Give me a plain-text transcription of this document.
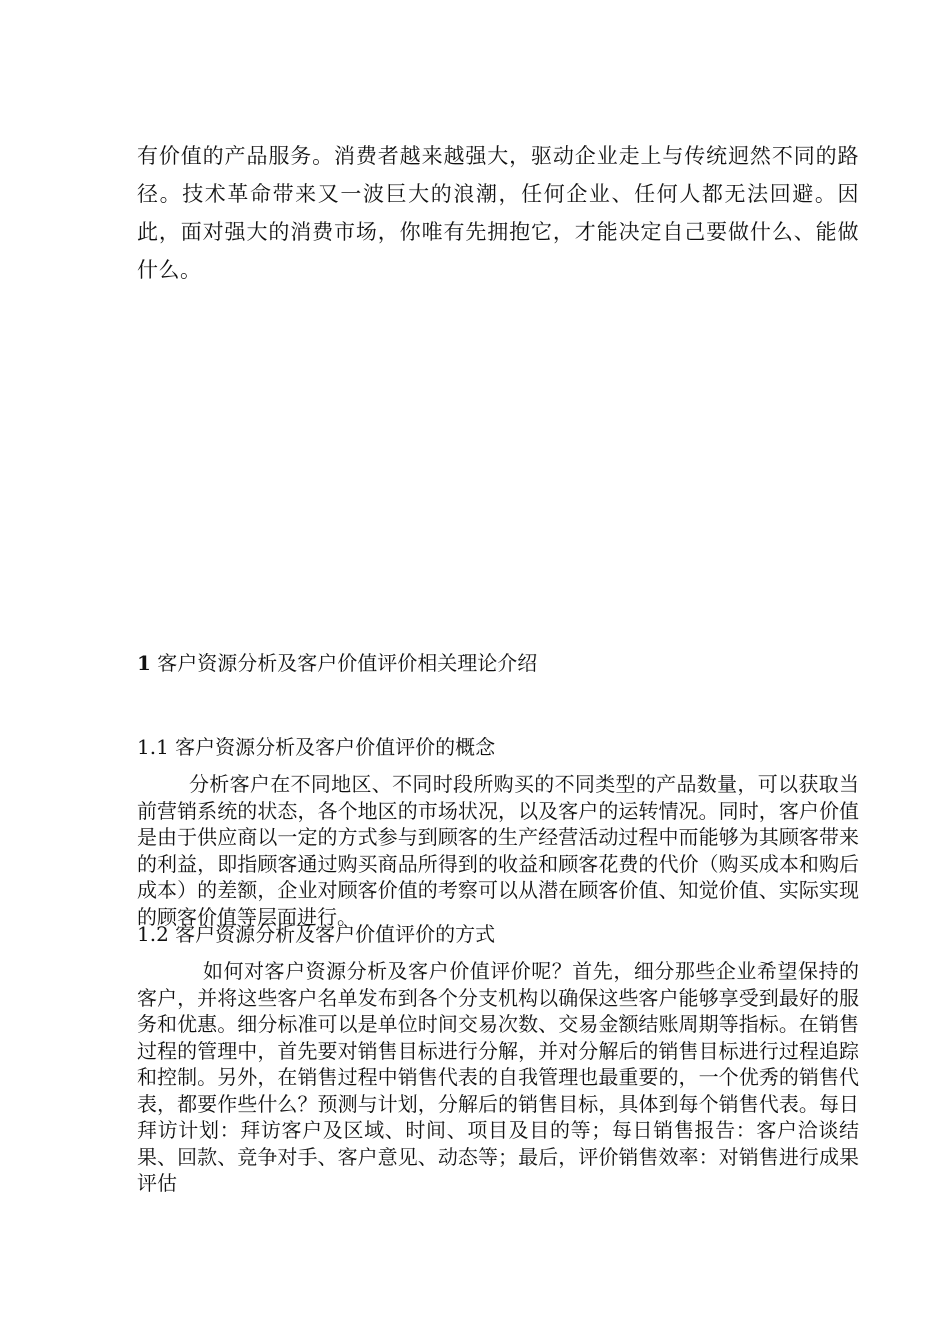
有价值的产品服务。消费者越来越强大，驱动企业走上与传统迥然不同的路径。技术革命带来又一波巨大的浪潮，任何企业、任何人都无法回避。因此，面对强大的消费市场，你唯有先拥抱它，才能决定自己要做什么、能做什么。

1 客户资源分析及客户价值评价相关理论介绍
1.1 客户资源分析及客户价值评价的概念

分析客户在不同地区、不同时段所购买的不同类型的产品数量，可以获取当前营销系统的状态，各个地区的市场状况，以及客户的运转情况。同时，客户价值是由于供应商以一定的方式参与到顾客的生产经营活动过程中而能够为其顾客带来的利益，即指顾客通过购买商品所得到的收益和顾客花费的代价（购买成本和购后成本）的差额，企业对顾客价值的考察可以从潜在顾客价值、知觉价值、实际实现的顾客价值等层面进行。

1.2 客户资源分析及客户价值评价的方式

如何对客户资源分析及客户价值评价呢？首先，细分那些企业希望保持的客户，并将这些客户名单发布到各个分支机构以确保这些客户能够享受到最好的服务和优惠。细分标准可以是单位时间交易次数、交易金额结账周期等指标。在销售过程的管理中，首先要对销售目标进行分解，并对分解后的销售目标进行过程追踪和控制。另外，在销售过程中销售代表的自我管理也最重要的，一个优秀的销售代表，都要作些什么？预测与计划，分解后的销售目标，具体到每个销售代表。每日拜访计划：拜访客户及区域、时间、项目及目的等；每日销售报告：客户洽谈结果、回款、竞争对手、客户意见、动态等；最后，评价销售效率：对销售进行成果评估
